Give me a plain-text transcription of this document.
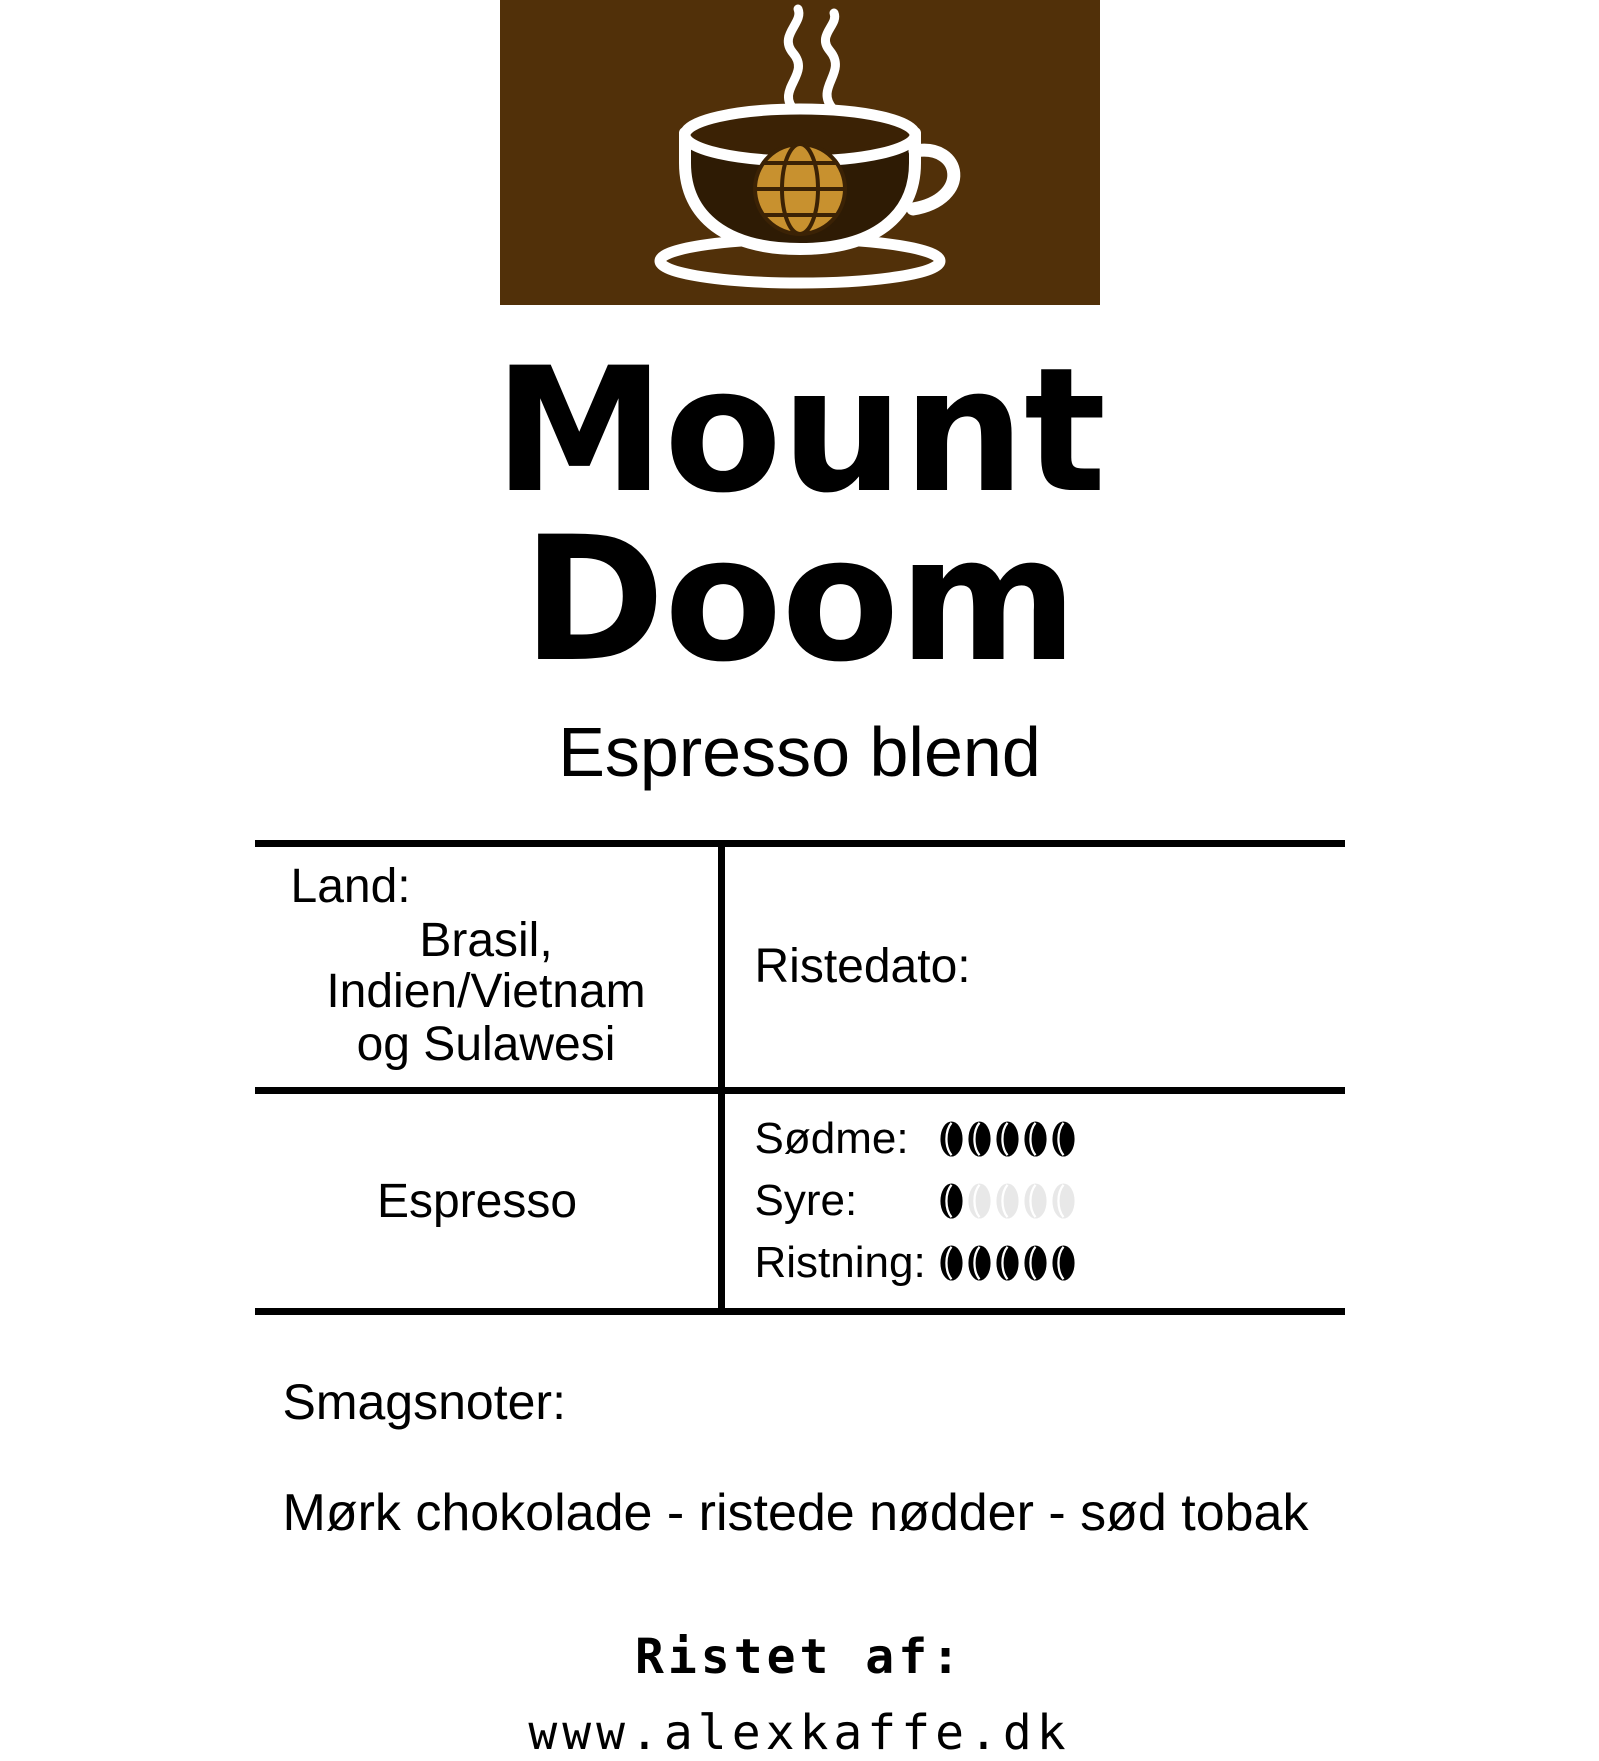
Mount
Doom
Espresso blend
Land:
Brasil, Indien/Vietnam
og Sulawesi
Ristedato:
Espresso
Sødme:
Syre:
Ristning:
Smagsnoter:
Mørk chokolade - ristede nødder - sød tobak
Ristet af:
www.alexkaffe.dk
